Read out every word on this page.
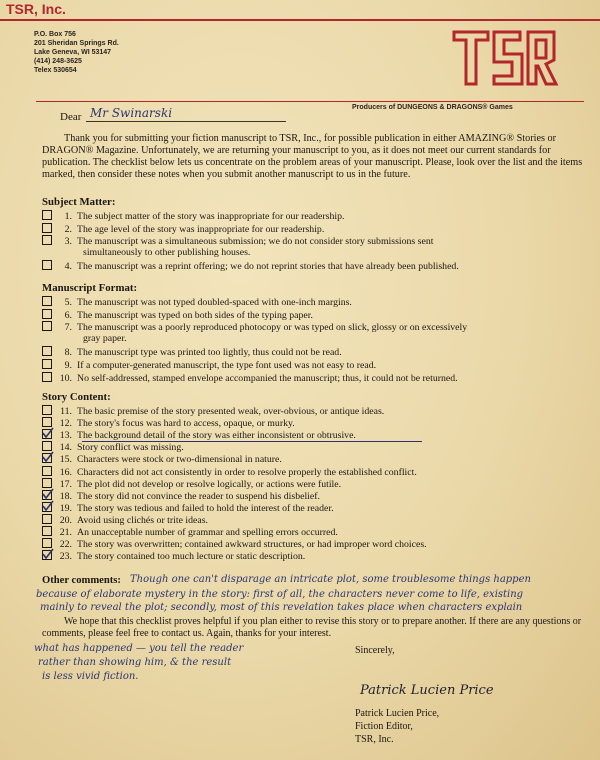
TSR, Inc.
P.O. Box 756
201 Sheridan Springs Rd.
Lake Geneva, WI 53147
(414) 248-3625
Telex 530654
Producers of DUNGEONS & DRAGONS® Games
Dear Mr Swinarski
Thank you for submitting your fiction manuscript to TSR, Inc., for possible publication in either AMAZING® Stories or DRAGON® Magazine. Unfortunately, we are returning your manuscript to you, as it does not meet our current standards for publication. The checklist below lets us concentrate on the problem areas of your manuscript. Please, look over the list and the items marked, then consider these notes when you submit another manuscript to us in the future.
Subject Matter:
Manuscript Format:
Story Content:
1. The subject matter of the story was inappropriate for our readership.
2. The age level of the story was inappropriate for our readership.
3. The manuscript was a simultaneous submission; we do not consider story submissions sent
simultaneously to other publishing houses.
4. The manuscript was a reprint offering; we do not reprint stories that have already been published.
5. The manuscript was not typed doubled-spaced with one-inch margins.
6. The manuscript was typed on both sides of the typing paper.
7. The manuscript was a poorly reproduced photocopy or was typed on slick, glossy or on excessively
gray paper.
8. The manuscript type was printed too lightly, thus could not be read.
9. If a computer-generated manuscript, the type font used was not easy to read.
10. No self-addressed, stamped envelope accompanied the manuscript; thus, it could not be returned.
11. The basic premise of the story presented weak, over-obvious, or antique ideas.
12. The story's focus was hard to access, opaque, or murky.
13. The background detail of the story was either inconsistent or obtrusive.
14. Story conflict was missing.
15. Characters were stock or two-dimensional in nature.
16. Characters did not act consistently in order to resolve properly the established conflict.
17. The plot did not develop or resolve logically, or actions were futile.
18. The story did not convince the reader to suspend his disbelief.
19. The story was tedious and failed to hold the interest of the reader.
20. Avoid using clichés or trite ideas.
21. An unacceptable number of grammar and spelling errors occurred.
22. The story was overwritten; contained awkward structures, or had improper word choices.
23. The story contained too much lecture or static description.
Other comments: Though one can't disparage an intricate plot, some troublesome things happen
because of elaborate mystery in the story: first of all, the characters never come to life, existing
mainly to reveal the plot; secondly, most of this revelation takes place when characters explain
We hope that this checklist proves helpful if you plan either to revise this story or to prepare another. If there are any questions or comments, please feel free to contact us. Again, thanks for your interest.
what has happened — you tell the reader
rather than showing him, & the result
is less vivid fiction.
Sincerely,
Patrick Lucien Price
Patrick Lucien Price,
Fiction Editor,
TSR, Inc.
